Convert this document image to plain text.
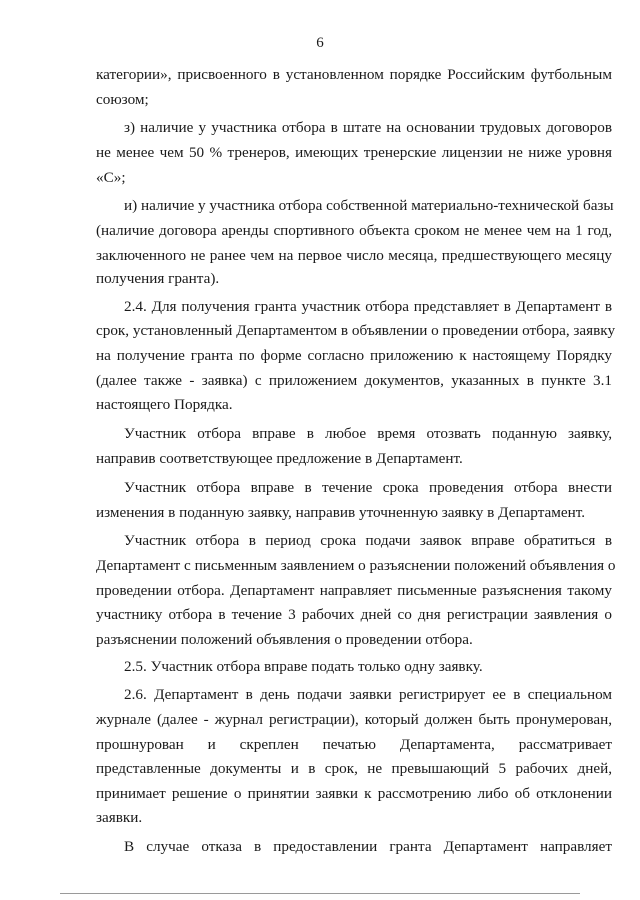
6
категории», присвоенного в установленном порядке Российским футбольным
союзом;
з) наличие у участника отбора в штате на основании трудовых договоров
не менее чем 50 % тренеров, имеющих тренерские лицензии не ниже уровня
«С»;
и) наличие у участника отбора собственной материально-технической базы
(наличие договора аренды спортивного объекта сроком не менее чем на 1 год,
заключенного не ранее чем на первое число месяца, предшествующего месяцу
получения гранта).
2.4. Для получения гранта участник отбора представляет в Департамент в
срок, установленный Департаментом в объявлении о проведении отбора, заявку
на получение гранта по форме согласно приложению к настоящему Порядку
(далее также - заявка) с приложением документов, указанных в пункте 3.1
настоящего Порядка.
Участник отбора вправе в любое время отозвать поданную заявку,
направив соответствующее предложение в Департамент.
Участник отбора вправе в течение срока проведения отбора внести
изменения в поданную заявку, направив уточненную заявку в Департамент.
Участник отбора в период срока подачи заявок вправе обратиться в
Департамент с письменным заявлением о разъяснении положений объявления о
проведении отбора. Департамент направляет письменные разъяснения такому
участнику отбора в течение 3 рабочих дней со дня регистрации заявления о
разъяснении положений объявления о проведении отбора.
2.5. Участник отбора вправе подать только одну заявку.
2.6. Департамент в день подачи заявки регистрирует ее в специальном
журнале (далее - журнал регистрации), который должен быть пронумерован,
прошнурован и скреплен печатью Департамента, рассматривает
представленные документы и в срок, не превышающий 5 рабочих дней,
принимает решение о принятии заявки к рассмотрению либо об отклонении
заявки.
В случае отказа в предоставлении гранта Департамент направляет
